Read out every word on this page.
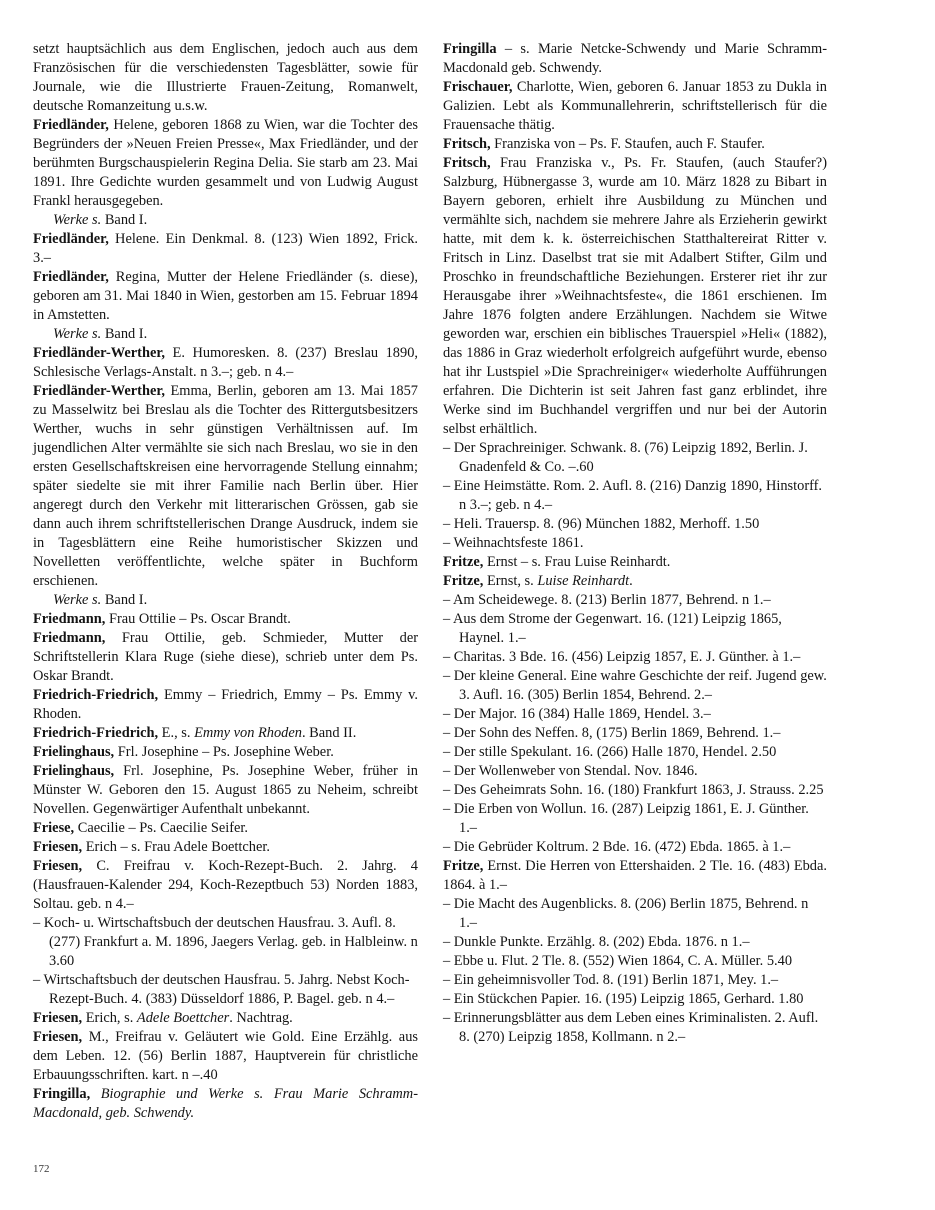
setzt hauptsächlich aus dem Englischen, jedoch auch aus dem Französischen für die verschiedensten Tagesblätter, sowie für Journale, wie die Illustrierte Frauen-Zeitung, Romanwelt, deutsche Romanzeitung u.s.w.

Friedländer, Helene, geboren 1868 zu Wien, war die Tochter des Begründers der »Neuen Freien Presse«, Max Friedländer, und der berühmten Burgschauspielerin Regina Delia. Sie starb am 23. Mai 1891. Ihre Gedichte wurden gesammelt und von Ludwig August Frankl herausgegeben.

Werke s. Band I.

Friedländer, Helene. Ein Denkmal. 8. (123) Wien 1892, Frick. 3.–

Friedländer, Regina, Mutter der Helene Friedländer (s. diese), geboren am 31. Mai 1840 in Wien, gestorben am 15. Februar 1894 in Amstetten.

Werke s. Band I.

Friedländer-Werther, E. Humoresken. 8. (237) Breslau 1890, Schlesische Verlags-Anstalt. n 3.–; geb. n 4.–

Friedländer-Werther, Emma, Berlin, geboren am 13. Mai 1857 zu Masselwitz bei Breslau als die Tochter des Rittergutsbesitzers Werther, wuchs in sehr günstigen Verhältnissen auf. Im jugendlichen Alter vermählte sie sich nach Breslau, wo sie in den ersten Gesellschaftskreisen eine hervorragende Stellung einnahm; später siedelte sie mit ihrer Familie nach Berlin über. Hier angeregt durch den Verkehr mit litterarischen Grössen, gab sie dann auch ihrem schriftstellerischen Drange Ausdruck, indem sie in Tagesblättern eine Reihe humoristischer Skizzen und Novelletten veröffentlichte, welche später in Buchform erschienen.

Werke s. Band I.

Friedmann, Frau Ottilie – Ps. Oscar Brandt.

Friedmann, Frau Ottilie, geb. Schmieder, Mutter der Schriftstellerin Klara Ruge (siehe diese), schrieb unter dem Ps. Oskar Brandt.

Friedrich-Friedrich, Emmy – Friedrich, Emmy – Ps. Emmy v. Rhoden.

Friedrich-Friedrich, E., s. Emmy von Rhoden. Band II.

Frielinghaus, Frl. Josephine – Ps. Josephine Weber.

Frielinghaus, Frl. Josephine, Ps. Josephine Weber, früher in Münster W. Geboren den 15. August 1865 zu Neheim, schreibt Novellen. Gegenwärtiger Aufenthalt unbekannt.

Friese, Caecilie – Ps. Caecilie Seifer.

Friesen, Erich – s. Frau Adele Boettcher.

Friesen, C. Freifrau v. Koch-Rezept-Buch. 2. Jahrg. 4 (Hausfrauen-Kalender 294, Koch-Rezeptbuch 53) Norden 1883, Soltau. geb. n 4.–

– Koch- u. Wirtschaftsbuch der deutschen Hausfrau. 3. Aufl. 8. (277) Frankfurt a. M. 1896, Jaegers Verlag. geb. in Halbleinw. n 3.60

– Wirtschaftsbuch der deutschen Hausfrau. 5. Jahrg. Nebst Koch-Rezept-Buch. 4. (383) Düsseldorf 1886, P. Bagel. geb. n 4.–

Friesen, Erich, s. Adele Boettcher. Nachtrag.

Friesen, M., Freifrau v. Geläutert wie Gold. Eine Erzählg. aus dem Leben. 12. (56) Berlin 1887, Hauptverein für christliche Erbauungsschriften. kart. n –.40

Fringilla, Biographie und Werke s. Frau Marie Schramm-Macdonald, geb. Schwendy.

Fringilla – s. Marie Netcke-Schwendy und Marie Schramm-Macdonald geb. Schwendy.

Frischauer, Charlotte, Wien, geboren 6. Januar 1853 zu Dukla in Galizien. Lebt als Kommunallehrerin, schriftstellerisch für die Frauensache thätig.

Fritsch, Franziska von – Ps. F. Staufen, auch F. Staufer.

Fritsch, Frau Franziska v., Ps. Fr. Staufen, (auch Staufer?) Salzburg, Hübnergasse 3, wurde am 10. März 1828 zu Bibart in Bayern geboren, erhielt ihre Ausbildung zu München und vermählte sich, nachdem sie mehrere Jahre als Erzieherin gewirkt hatte, mit dem k. k. österreichischen Statthaltereirat Ritter v. Fritsch in Linz. Daselbst trat sie mit Adalbert Stifter, Gilm und Proschko in freundschaftliche Beziehungen. Ersterer riet ihr zur Herausgabe ihrer »Weihnachtsfeste«, die 1861 erschienen. Im Jahre 1876 folgten andere Erzählungen. Nachdem sie Witwe geworden war, erschien ein biblisches Trauerspiel »Heli« (1882), das 1886 in Graz wiederholt erfolgreich aufgeführt wurde, ebenso hat ihr Lustspiel »Die Sprachreiniger« wiederholte Aufführungen erfahren. Die Dichterin ist seit Jahren fast ganz erblindet, ihre Werke sind im Buchhandel vergriffen und nur bei der Autorin selbst erhältlich.

– Der Sprachreiniger. Schwank. 8. (76) Leipzig 1892, Berlin. J. Gnadenfeld & Co. –.60

– Eine Heimstätte. Rom. 2. Aufl. 8. (216) Danzig 1890, Hinstorff. n 3.–; geb. n 4.–

– Heli. Trauersp. 8. (96) München 1882, Merhoff. 1.50

– Weihnachtsfeste 1861.

Fritze, Ernst – s. Frau Luise Reinhardt.

Fritze, Ernst, s. Luise Reinhardt.

– Am Scheidewege. 8. (213) Berlin 1877, Behrend. n 1.–

– Aus dem Strome der Gegenwart. 16. (121) Leipzig 1865, Haynel. 1.–

– Charitas. 3 Bde. 16. (456) Leipzig 1857, E. J. Günther. à 1.–

– Der kleine General. Eine wahre Geschichte der reif. Jugend gew. 3. Aufl. 16. (305) Berlin 1854, Behrend. 2.–

– Der Major. 16 (384) Halle 1869, Hendel. 3.–

– Der Sohn des Neffen. 8, (175) Berlin 1869, Behrend. 1.–

– Der stille Spekulant. 16. (266) Halle 1870, Hendel. 2.50

– Der Wollenweber von Stendal. Nov. 1846.

– Des Geheimrats Sohn. 16. (180) Frankfurt 1863, J. Strauss. 2.25

– Die Erben von Wollun. 16. (287) Leipzig 1861, E. J. Günther. 1.–

– Die Gebrüder Koltrum. 2 Bde. 16. (472) Ebda. 1865. à 1.–

Fritze, Ernst. Die Herren von Ettershaiden. 2 Tle. 16. (483) Ebda. 1864. à 1.–

– Die Macht des Augenblicks. 8. (206) Berlin 1875, Behrend. n 1.–

– Dunkle Punkte. Erzählg. 8. (202) Ebda. 1876. n 1.–

– Ebbe u. Flut. 2 Tle. 8. (552) Wien 1864, C. A. Müller. 5.40

– Ein geheimnisvoller Tod. 8. (191) Berlin 1871, Mey. 1.–

– Ein Stückchen Papier. 16. (195) Leipzig 1865, Gerhard. 1.80

– Erinnerungsblätter aus dem Leben eines Kriminalisten. 2. Aufl. 8. (270) Leipzig 1858, Kollmann. n 2.–

172
